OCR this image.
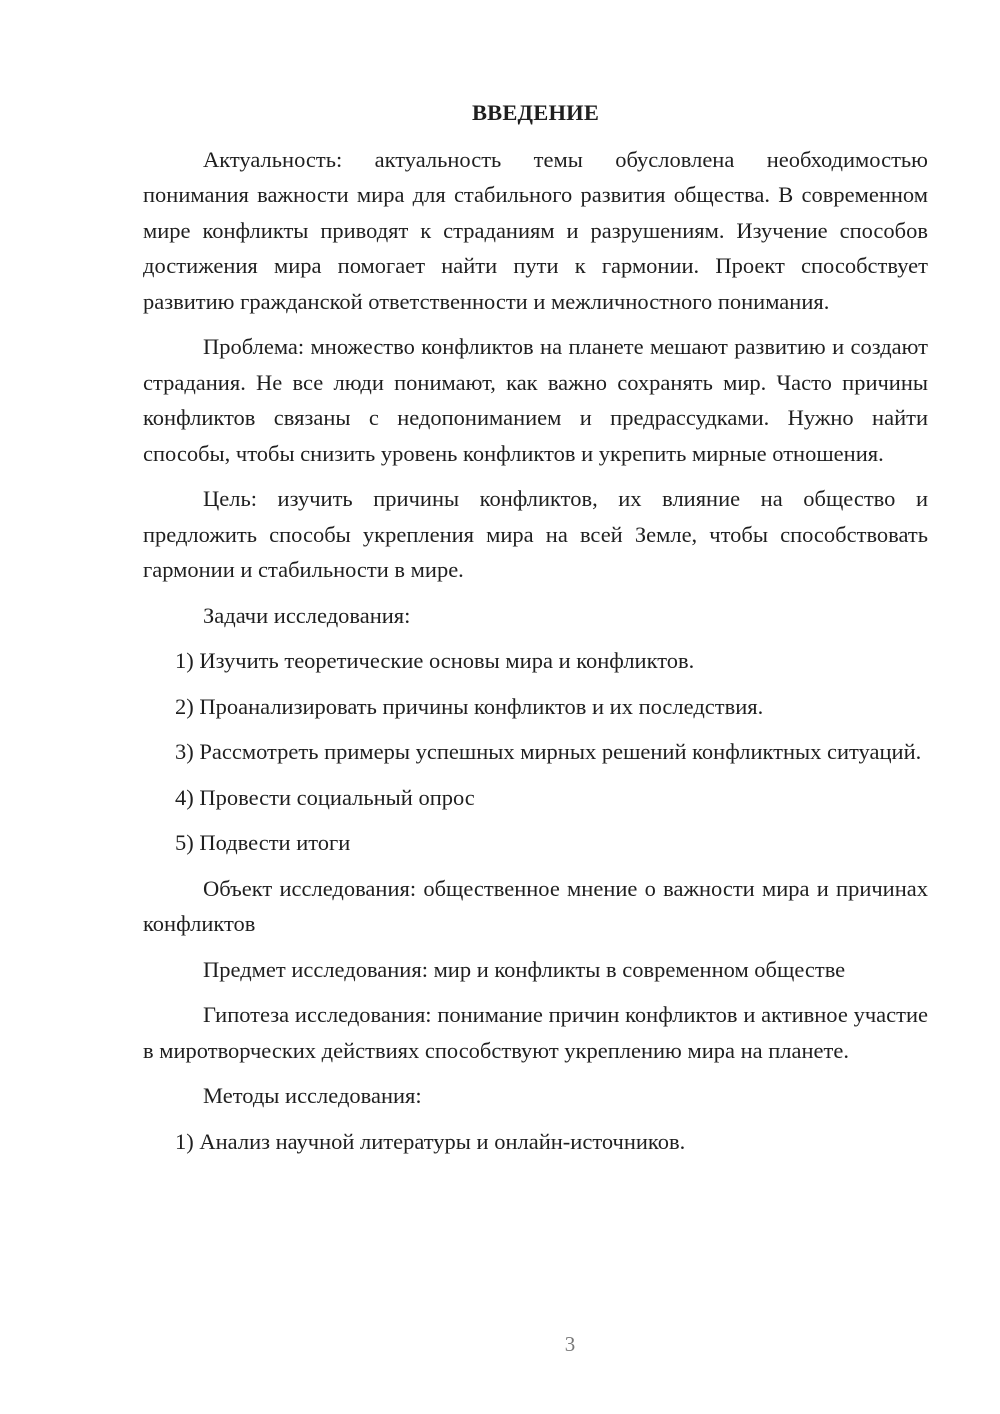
ВВЕДЕНИЕ

Актуальность: актуальность темы обусловлена необходимостью понимания важности мира для стабильного развития общества. В современном мире конфликты приводят к страданиям и разрушениям. Изучение способов достижения мира помогает найти пути к гармонии. Проект способствует развитию гражданской ответственности и межличностного понимания.

Проблема: множество конфликтов на планете мешают развитию и создают страдания. Не все люди понимают, как важно сохранять мир. Часто причины конфликтов связаны с недопониманием и предрассудками. Нужно найти способы, чтобы снизить уровень конфликтов и укрепить мирные отношения.

Цель: изучить причины конфликтов, их влияние на общество и предложить способы укрепления мира на всей Земле, чтобы способствовать гармонии и стабильности в мире.

Задачи исследования:

1) Изучить теоретические основы мира и конфликтов.

2) Проанализировать причины конфликтов и их последствия.

3) Рассмотреть примеры успешных мирных решений конфликтных ситуаций.

4) Провести социальный опрос

5) Подвести итоги

Объект исследования: общественное мнение о важности мира и причинах конфликтов

Предмет исследования: мир и конфликты в современном обществе

Гипотеза исследования: понимание причин конфликтов и активное участие в миротворческих действиях способствуют укреплению мира на планете.

Методы исследования:

1) Анализ научной литературы и онлайн-источников.

3
